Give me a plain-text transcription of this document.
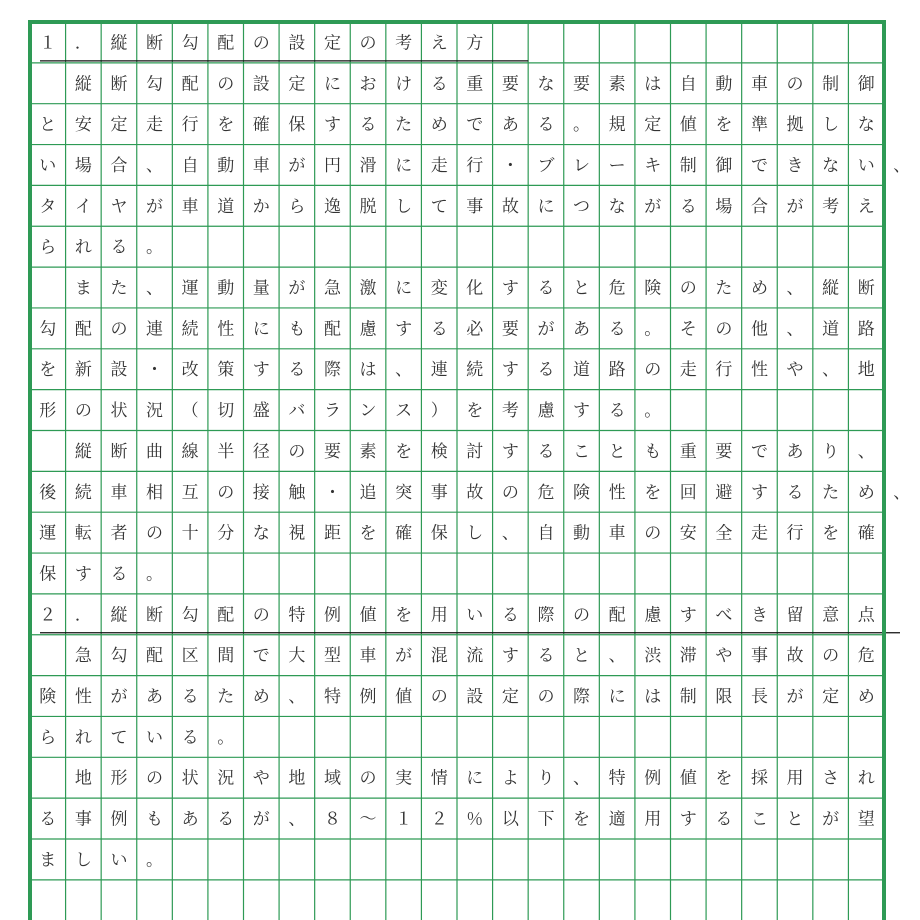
１ ． 縦 断 勾 配 の 設 定 の 考 え 方
縦 断 勾 配 の 設 定 に お け る 重 要 な 要 素 は 自 動 車 の 制 御
と 安 定 走 行 を 確 保 す る た め で あ る 。 規 定 値 を 準 拠 し な
い 場 合 、 自 動 車 が 円 滑 に 走 行 ・ ブ レ ー キ 制 御 で き な い 、
タ イ ヤ が 車 道 か ら 逸 脱 し て 事 故 に つ な が る 場 合 が 考 え
ら れ る 。
ま た 、 運 動 量 が 急 激 に 変 化 す る と 危 険 の た め 、 縦 断
勾 配 の 連 続 性 に も 配 慮 す る 必 要 が あ る 。 そ の 他 、 道 路
を 新 設 ・ 改 策 す る 際 は 、 連 続 す る 道 路 の 走 行 性 や 、 地
形 の 状 況 （ 切 盛 バ ラ ン ス ） を 考 慮 す る 。
縦 断 曲 線 半 径 の 要 素 を 検 討 す る こ と も 重 要 で あ り 、
後 続 車 相 互 の 接 触 ・ 追 突 事 故 の 危 険 性 を 回 避 す る た め 、
運 転 者 の 十 分 な 視 距 を 確 保 し 、 自 動 車 の 安 全 走 行 を 確
保 す る 。
２ ． 縦 断 勾 配 の 特 例 値 を 用 い る 際 の 配 慮 す べ き 留 意 点
急 勾 配 区 間 で 大 型 車 が 混 流 す る と 、 渋 滞 や 事 故 の 危
険 性 が あ る た め 、 特 例 値 の 設 定 の 際 に は 制 限 長 が 定 め
ら れ て い る 。
地 形 の 状 況 や 地 域 の 実 情 に よ り 、 特 例 値 を 採 用 さ れ
る 事 例 も あ る が 、 ８ ～ １ ２ ％ 以 下 を 適 用 す る こ と が 望
ま し い 。
